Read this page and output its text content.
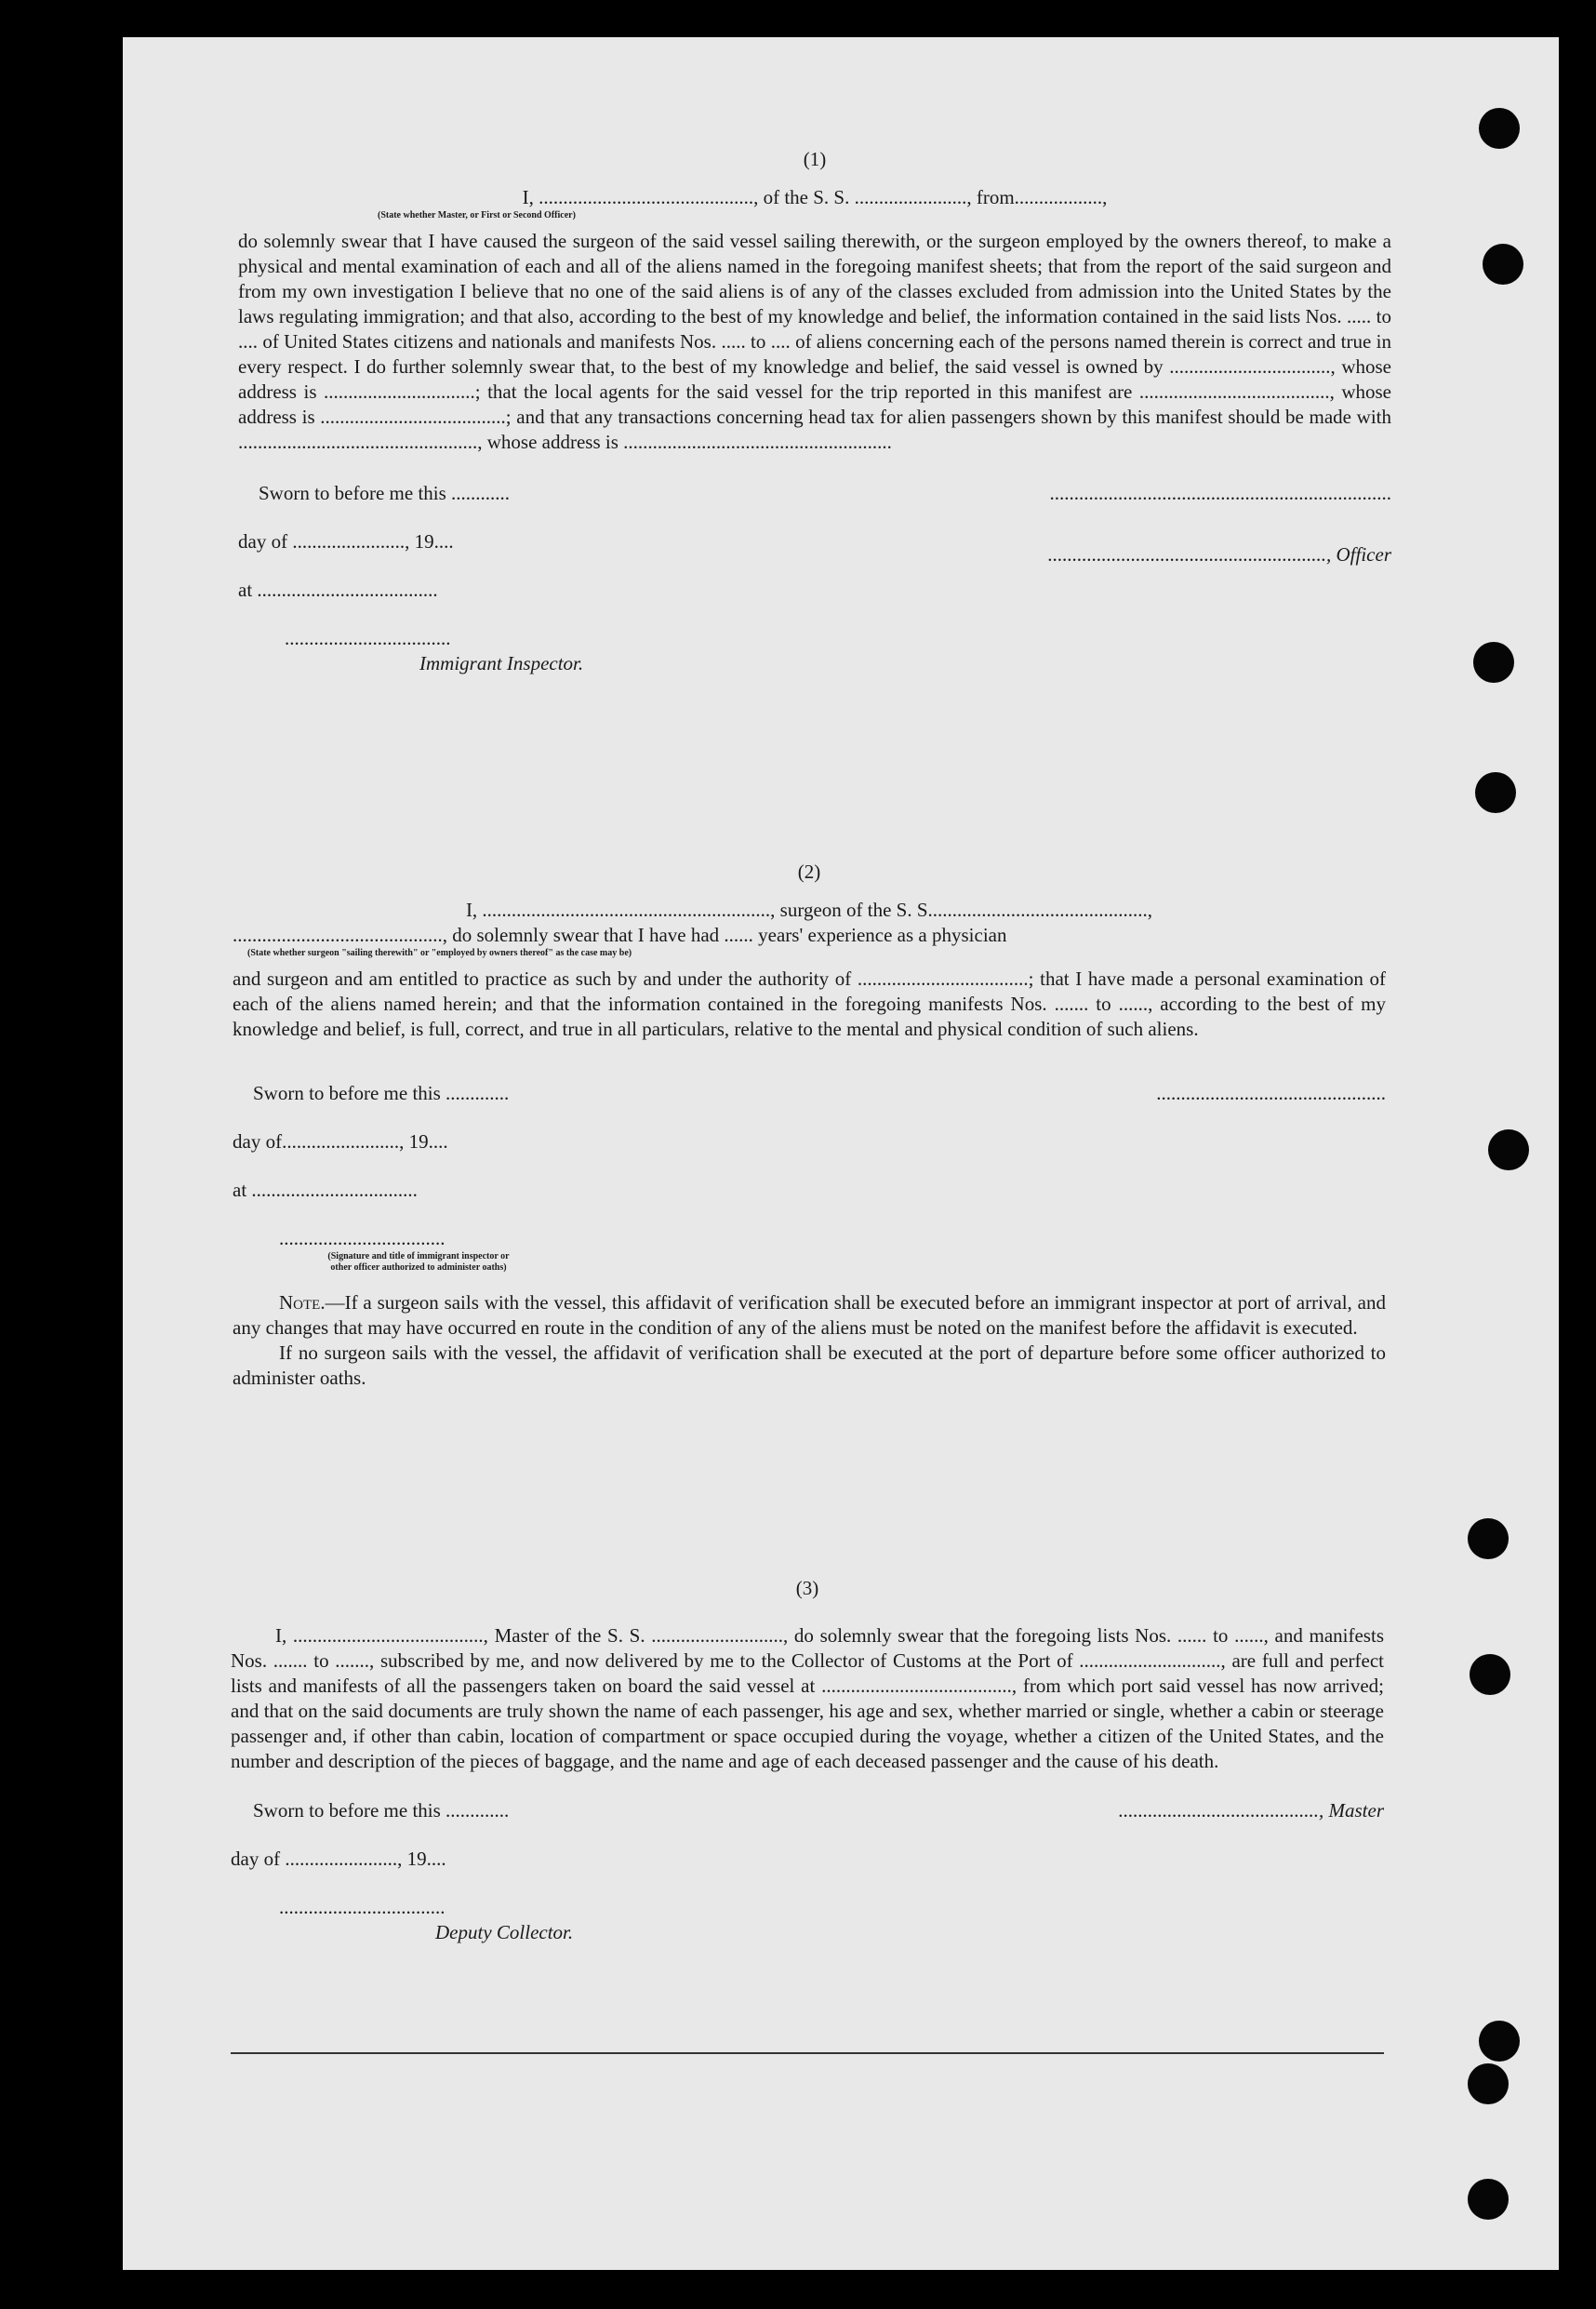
(1)

I, ............................................, of the S. S. ......................., from..................,

(State whether Master, or First or Second Officer)

do solemnly swear that I have caused the surgeon of the said vessel sailing therewith, or the surgeon employed by the owners thereof, to make a physical and mental examination of each and all of the aliens named in the foregoing manifest sheets; that from the report of the said surgeon and from my own investigation I believe that no one of the said aliens is of any of the classes excluded from admission into the United States by the laws regulating immigration; and that also, according to the best of my knowledge and belief, the information contained in the said lists Nos. ..... to .... of United States citizens and nationals and manifests Nos. ..... to .... of aliens concerning each of the persons named therein is correct and true in every respect. I do further solemnly swear that, to the best of my knowledge and belief, the said vessel is owned by ................................., whose address is ...............................; that the local agents for the said vessel for the trip reported in this manifest are ......................................., whose address is ......................................; and that any transactions concerning head tax for alien passengers shown by this manifest should be made with ................................................., whose address is .......................................................

Sworn to before me this ............	......................................................................
day of ......................., 19....
........................................................., Officer
at .....................................
..................................
Immigrant Inspector.

(2)

I, ..........................................................., surgeon of the S. S.............................................,

..........................................., do solemnly swear that I have had ...... years' experience as a physician

(State whether surgeon "sailing therewith" or "employed by owners thereof" as the case may be)

and surgeon and am entitled to practice as such by and under the authority of ...................................; that I have made a personal examination of each of the aliens named herein; and that the information contained in the foregoing manifests Nos. ....... to ......, according to the best of my knowledge and belief, is full, correct, and true in all particulars, relative to the mental and physical condition of such aliens.

Sworn to before me this .............	...............................................
day of........................, 19....
at ..................................
..................................
(Signature and title of immigrant inspector or
other officer authorized to administer oaths)

Note.—If a surgeon sails with the vessel, this affidavit of verification shall be executed before an immigrant inspector at port of arrival, and any changes that may have occurred en route in the condition of any of the aliens must be noted on the manifest before the affidavit is executed.

If no surgeon sails with the vessel, the affidavit of verification shall be executed at the port of departure before some officer authorized to administer oaths.

(3)

I, ......................................., Master of the S. S. ..........................., do solemnly swear that the foregoing lists Nos. ...... to ......, and manifests Nos. ....... to ......., subscribed by me, and now delivered by me to the Collector of Customs at the Port of ............................., are full and perfect lists and manifests of all the passengers taken on board the said vessel at ......................................., from which port said vessel has now arrived; and that on the said documents are truly shown the name of each passenger, his age and sex, whether married or single, whether a cabin or steerage passenger and, if other than cabin, location of compartment or space occupied during the voyage, whether a citizen of the United States, and the number and description of the pieces of baggage, and the name and age of each deceased passenger and the cause of his death.

Sworn to before me this .............	........................................., Master
day of ......................., 19....
..................................
Deputy Collector.
